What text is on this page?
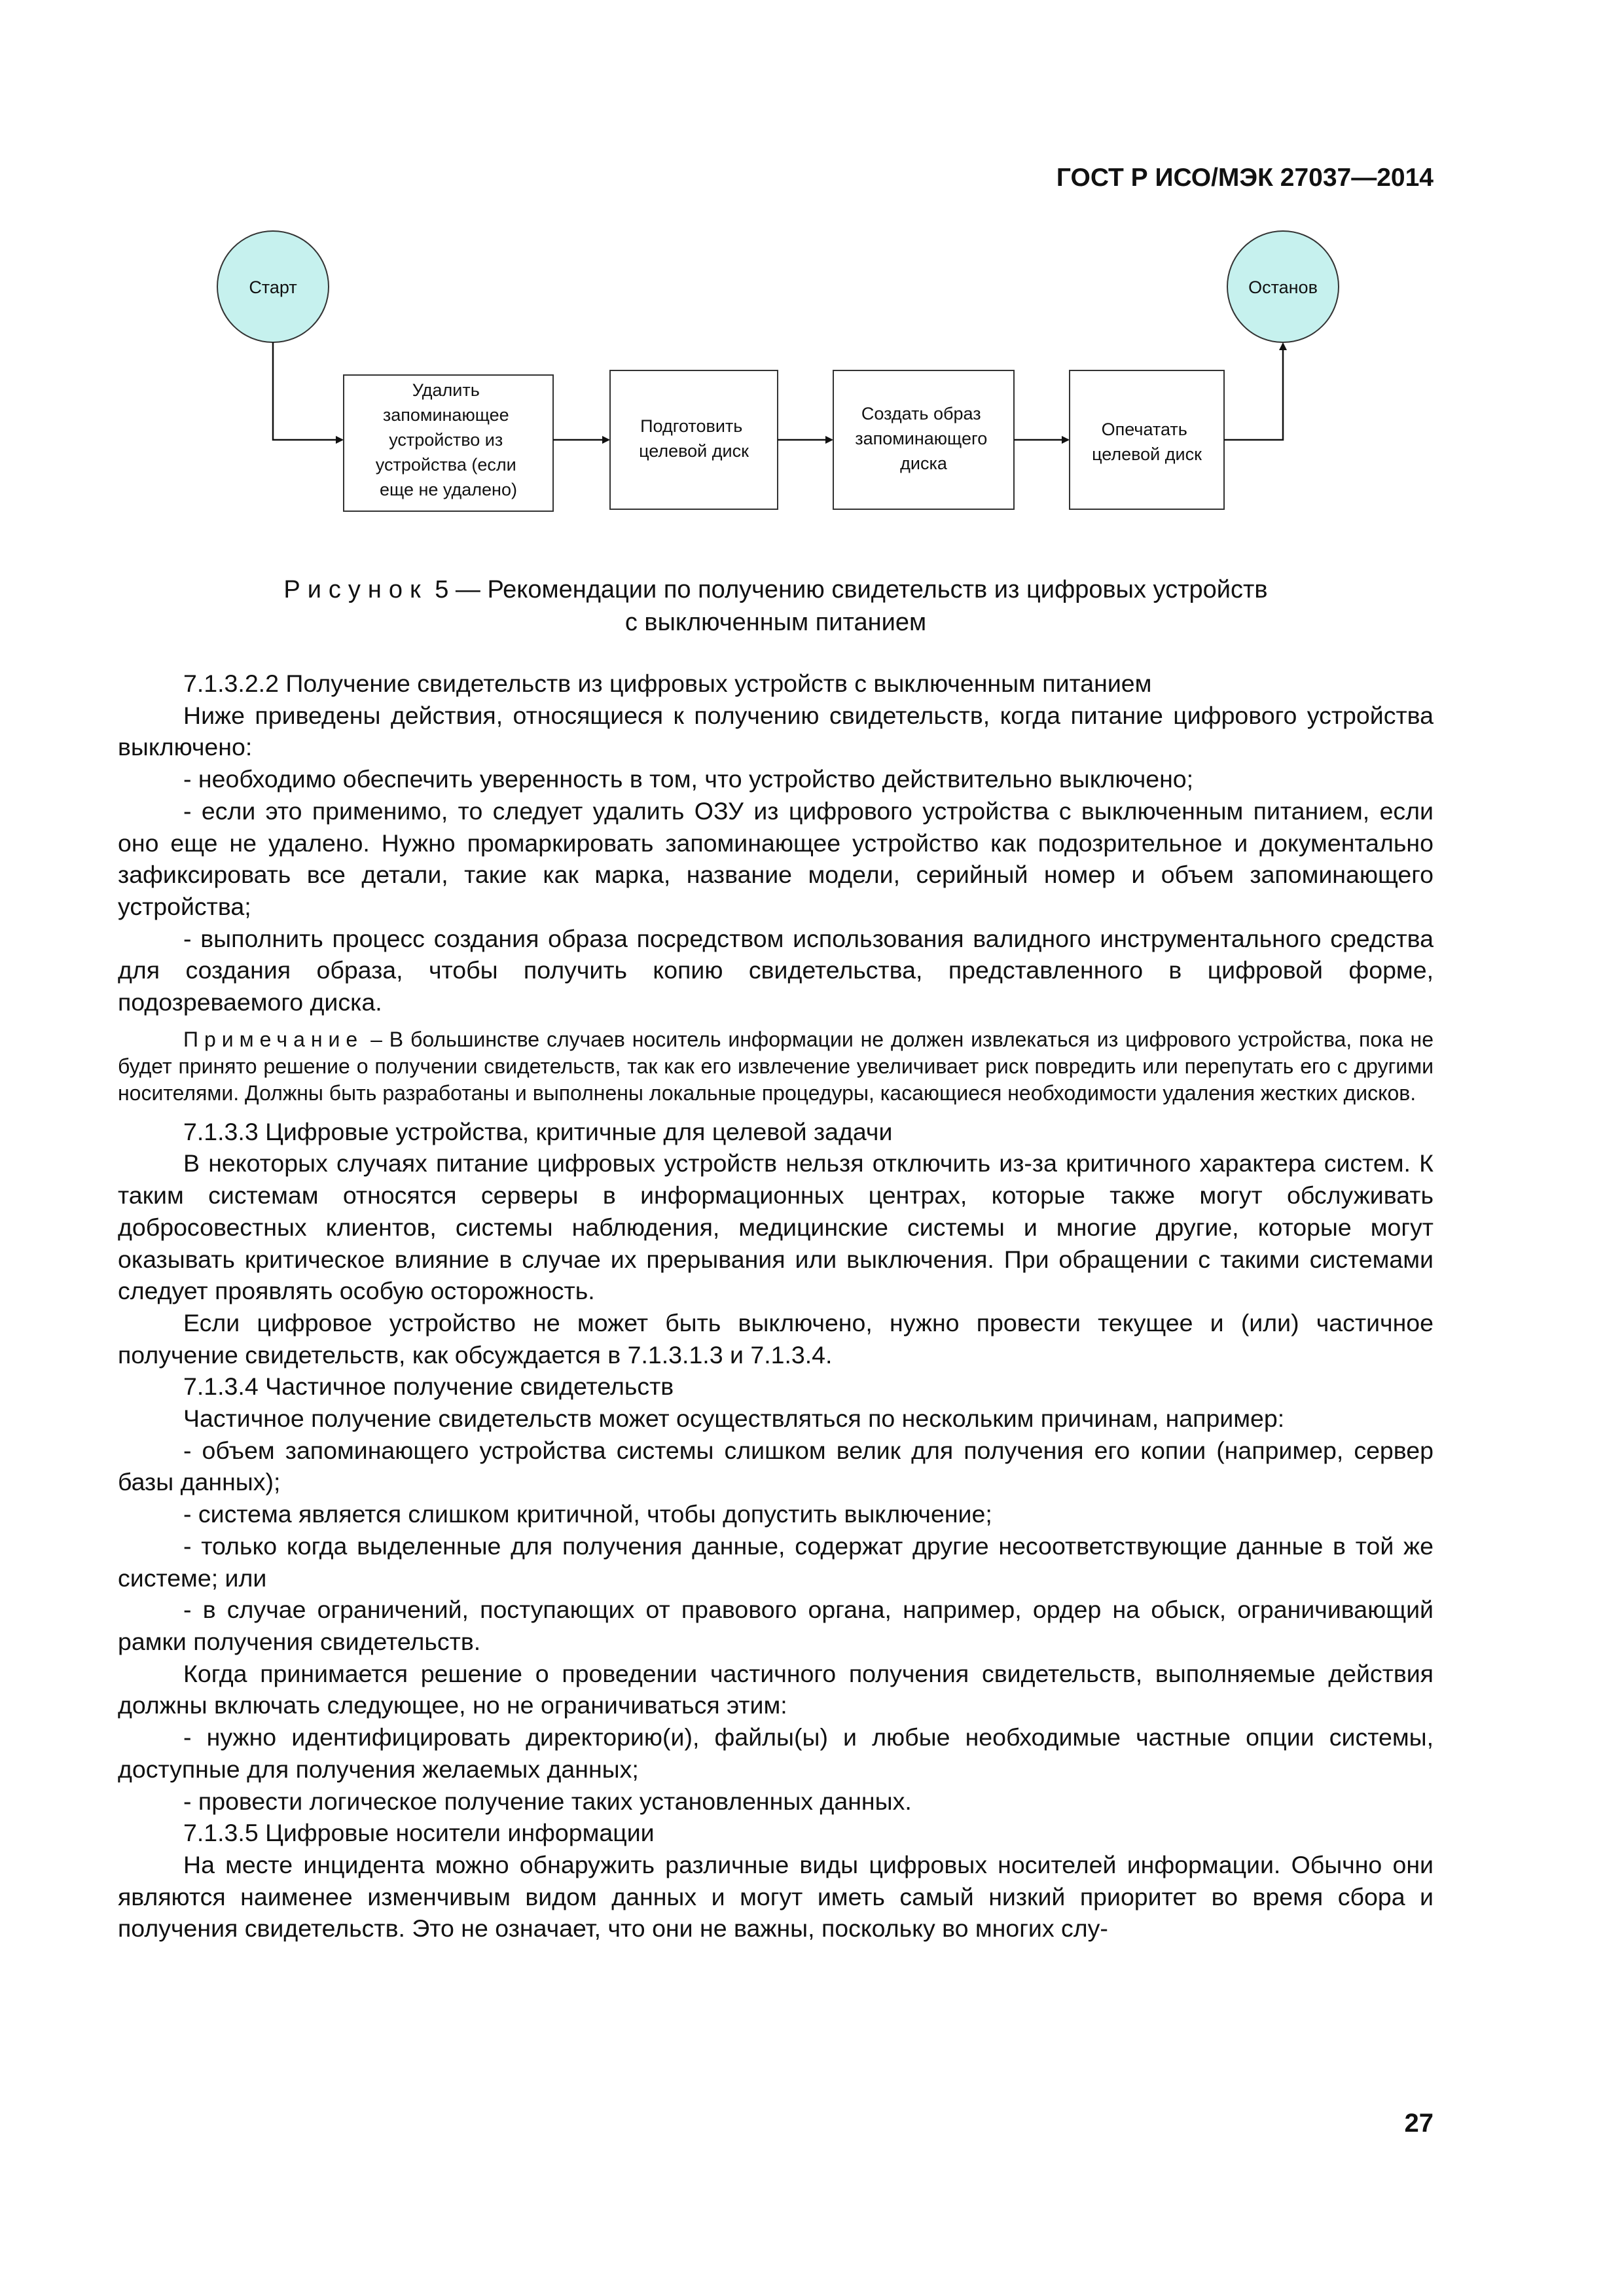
ГОСТ Р ИСО/МЭК 27037—2014
Старт	Останов
Удалить запоминающее устройство из устройства (если еще не удалено)
Подготовить целевой диск
Создать образ запоминающего диска
Опечатать целевой диск
Рисунок 5 — Рекомендации по получению свидетельств из цифровых устройств
с выключенным питанием

7.1.3.2.2 Получение свидетельств из цифровых устройств с выключенным питанием

Ниже приведены действия, относящиеся к получению свидетельств, когда питание цифрового устройства выключено:

- необходимо обеспечить уверенность в том, что устройство действительно выключено;

- если это применимо, то следует удалить ОЗУ из цифрового устройства с выключенным питанием, если оно еще не удалено. Нужно промаркировать запоминающее устройство как подозрительное и документально зафиксировать все детали, такие как марка, название модели, серийный номер и объем запоминающего устройства;

- выполнить процесс создания образа посредством использования валидного инструментального средства для создания образа, чтобы получить копию свидетельства, представленного в цифровой форме, подозреваемого диска.

Примечание – В большинстве случаев носитель информации не должен извлекаться из цифрового устройства, пока не будет принято решение о получении свидетельств, так как его извлечение увеличивает риск повредить или перепутать его с другими носителями. Должны быть разработаны и выполнены локальные процедуры, касающиеся необходимости удаления жестких дисков.

7.1.3.3 Цифровые устройства, критичные для целевой задачи

В некоторых случаях питание цифровых устройств нельзя отключить из-за критичного характера систем. К таким системам относятся серверы в информационных центрах, которые также могут обслуживать добросовестных клиентов, системы наблюдения, медицинские системы и многие другие, которые могут оказывать критическое влияние в случае их прерывания или выключения. При обращении с такими системами следует проявлять особую осторожность.

Если цифровое устройство не может быть выключено, нужно провести текущее и (или) частичное получение свидетельств, как обсуждается в 7.1.3.1.3 и 7.1.3.4.

7.1.3.4 Частичное получение свидетельств

Частичное получение свидетельств может осуществляться по нескольким причинам, например:

- объем запоминающего устройства системы слишком велик для получения его копии (например, сервер базы данных);

- система является слишком критичной, чтобы допустить выключение;

- только когда выделенные для получения данные, содержат другие несоответствующие данные в той же системе; или

- в случае ограничений, поступающих от правового органа, например, ордер на обыск, ограничивающий рамки получения свидетельств.

Когда принимается решение о проведении частичного получения свидетельств, выполняемые действия должны включать следующее, но не ограничиваться этим:

- нужно идентифицировать директорию(и), файлы(ы) и любые необходимые частные опции системы, доступные для получения желаемых данных;

- провести логическое получение таких установленных данных.

7.1.3.5 Цифровые носители информации

На месте инцидента можно обнаружить различные виды цифровых носителей информации. Обычно они являются наименее изменчивым видом данных и могут иметь самый низкий приоритет во время сбора и получения свидетельств. Это не означает, что они не важны, поскольку во многих слу-

27
